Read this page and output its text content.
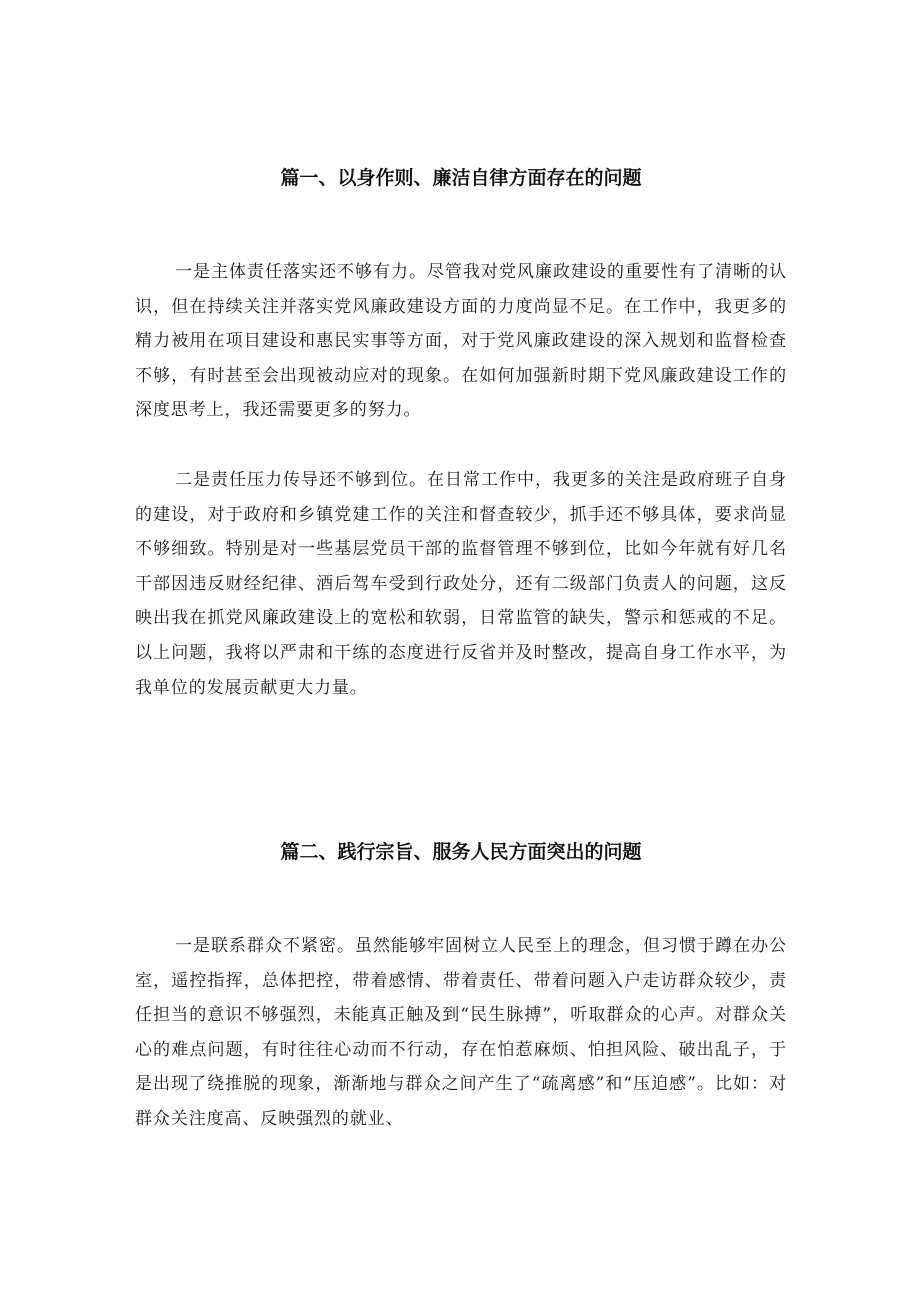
篇一、以身作则、廉洁自律方面存在的问题

一是主体责任落实还不够有力。尽管我对党风廉政建设的重要性有了清晰的认识，但在持续关注并落实党风廉政建设方面的力度尚显不足。在工作中，我更多的精力被用在项目建设和惠民实事等方面，对于党风廉政建设的深入规划和监督检查不够，有时甚至会出现被动应对的现象。在如何加强新时期下党风廉政建设工作的深度思考上，我还需要更多的努力。

二是责任压力传导还不够到位。在日常工作中，我更多的关注是政府班子自身的建设，对于政府和乡镇党建工作的关注和督查较少，抓手还不够具体，要求尚显不够细致。特别是对一些基层党员干部的监督管理不够到位，比如今年就有好几名干部因违反财经纪律、酒后驾车受到行政处分，还有二级部门负责人的问题，这反映出我在抓党风廉政建设上的宽松和软弱，日常监管的缺失，警示和惩戒的不足。以上问题，我将以严肃和干练的态度进行反省并及时整改，提高自身工作水平，为我单位的发展贡献更大力量。

篇二、践行宗旨、服务人民方面突出的问题

一是联系群众不紧密。虽然能够牢固树立人民至上的理念，但习惯于蹲在办公室，遥控指挥，总体把控，带着感情、带着责任、带着问题入户走访群众较少，责任担当的意识不够强烈，未能真正触及到“民生脉搏”，听取群众的心声。对群众关心的难点问题，有时往往心动而不行动，存在怕惹麻烦、怕担风险、破出乱子，于是出现了绕推脱的现象，渐渐地与群众之间产生了“疏离感”和“压迫感”。比如：对群众关注度高、反映强烈的就业、
